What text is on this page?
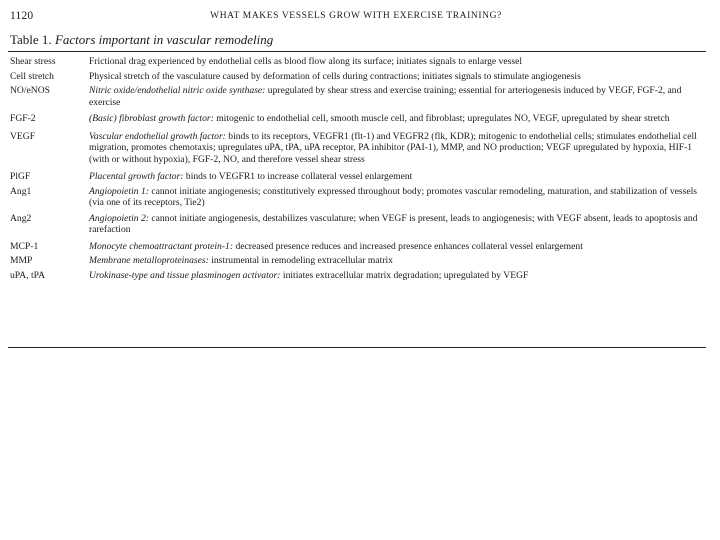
1120	WHAT MAKES VESSELS GROW WITH EXERCISE TRAINING?
Table 1. Factors important in vascular remodeling
Shear stress	Frictional drag experienced by endothelial cells as blood flow along its surface; initiates signals to enlarge vessel
Cell stretch	Physical stretch of the vasculature caused by deformation of cells during contractions; initiates signals to stimulate angiogenesis
NO/eNOS	Nitric oxide/endothelial nitric oxide synthase: upregulated by shear stress and exercise training; essential for arteriogenesis induced by VEGF, FGF-2, and exercise
FGF-2	(Basic) fibroblast growth factor: mitogenic to endothelial cell, smooth muscle cell, and fibroblast; upregulates NO, VEGF, upregulated by shear stretch
VEGF	Vascular endothelial growth factor: binds to its receptors, VEGFR1 (flt-1) and VEGFR2 (flk, KDR); mitogenic to endothelial cells; stimulates endothelial cell migration, promotes chemotaxis; upregulates uPA, tPA, uPA receptor, PA inhibitor (PAI-1), MMP, and NO production; VEGF upregulated by hypoxia, HIF-1 (with or without hypoxia), FGF-2, NO, and therefore vessel shear stress
PlGF	Placental growth factor: binds to VEGFR1 to increase collateral vessel enlargement
Ang1	Angiopoietin 1: cannot initiate angiogenesis; constitutively expressed throughout body; promotes vascular remodeling, maturation, and stabilization of vessels (via one of its receptors, Tie2)
Ang2	Angiopoietin 2: cannot initiate angiogenesis, destabilizes vasculature; when VEGF is present, leads to angiogenesis; with VEGF absent, leads to apoptosis and rarefaction
MCP-1	Monocyte chemoattractant protein-1: decreased presence reduces and increased presence enhances collateral vessel enlargement
MMP	Membrane metalloproteinases: instrumental in remodeling extracellular matrix
uPA, tPA	Urokinase-type and tissue plasminogen activator: initiates extracellular matrix degradation; upregulated by VEGF
